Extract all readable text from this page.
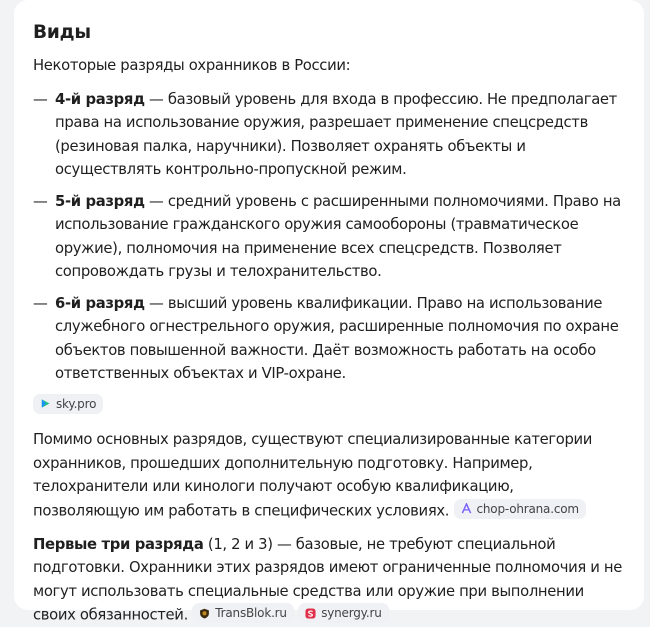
Виды

Некоторые разряды охранников в России:

— 4-й разряд — базовый уровень для входа в профессию. Не предполагает права на использование оружия, разрешает применение спецсредств (резиновая палка, наручники). Позволяет охранять объекты и осуществлять контрольно-пропускной режим.
— 5-й разряд — средний уровень с расширенными полномочиями. Право на использование гражданского оружия самообороны (травматическое оружие), полномочия на применение всех спецсредств. Позволяет сопровождать грузы и телохранительство.
— 6-й разряд — высший уровень квалификации. Право на использование служебного огнестрельного оружия, расширенные полномочия по охране объектов повышенной важности. Даёт возможность работать на особо ответственных объектах и VIP-охране.
sky.pro

Помимо основных разрядов, существуют специализированные категории охранников, прошедших дополнительную подготовку. Например, телохранители или кинологи получают особую квалификацию, позволяющую им работать в специфических условиях. chop-ohrana.com

Первые три разряда (1, 2 и 3) — базовые, не требуют специальной подготовки. Охранники этих разрядов имеют ограниченные полномочия и не могут использовать специальные средства или оружие при выполнении своих обязанностей. TransBlok.ru
	synergy.ru
